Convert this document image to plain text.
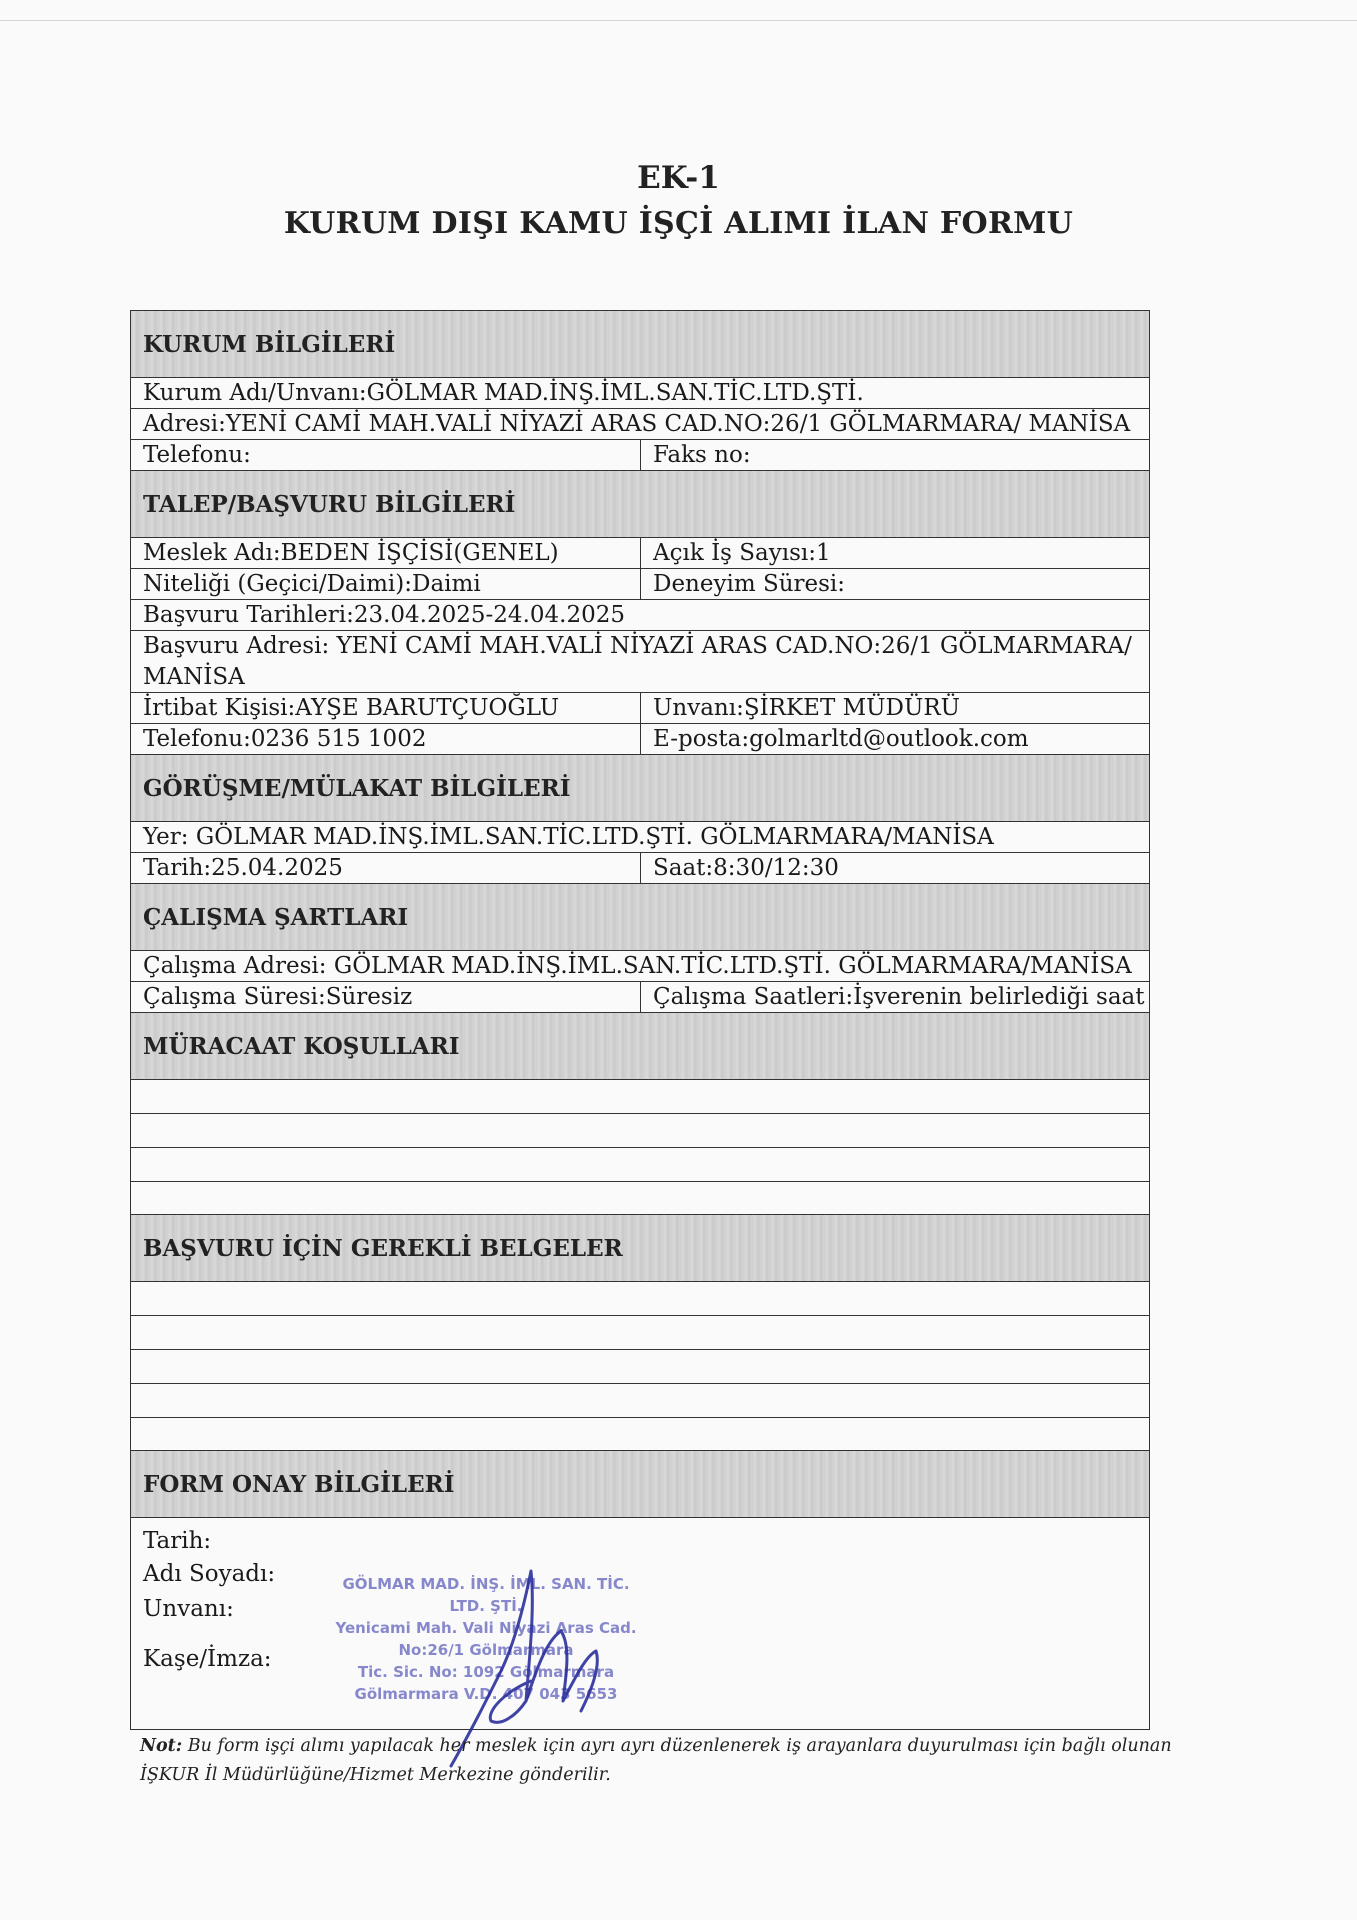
EK-1
KURUM DIŞI KAMU İŞÇİ ALIMI İLAN FORMU
KURUM BİLGİLERİ
Kurum Adı/Unvanı:GÖLMAR MAD.İNŞ.İML.SAN.TİC.LTD.ŞTİ.
Adresi:YENİ CAMİ MAH.VALİ NİYAZİ ARAS CAD.NO:26/1 GÖLMARMARA/ MANİSA
Telefonu:	Faks no:
TALEP/BAŞVURU BİLGİLERİ
Meslek Adı:BEDEN İŞÇİSİ(GENEL)	Açık İş Sayısı:1
Niteliği (Geçici/Daimi):Daimi	Deneyim Süresi:
Başvuru Tarihleri:23.04.2025-24.04.2025
Başvuru Adresi: YENİ CAMİ MAH.VALİ NİYAZİ ARAS CAD.NO:26/1 GÖLMARMARA/
MANİSA
İrtibat Kişisi:AYŞE BARUTÇUOĞLU	Unvanı:ŞİRKET MÜDÜRÜ
Telefonu:0236 515 1002	E-posta:golmarltd@outlook.com
GÖRÜŞME/MÜLAKAT BİLGİLERİ
Yer: GÖLMAR MAD.İNŞ.İML.SAN.TİC.LTD.ŞTİ. GÖLMARMARA/MANİSA
Tarih:25.04.2025	Saat:8:30/12:30
ÇALIŞMA ŞARTLARI
Çalışma Adresi: GÖLMAR MAD.İNŞ.İML.SAN.TİC.LTD.ŞTİ. GÖLMARMARA/MANİSA
Çalışma Süresi:Süresiz	Çalışma Saatleri:İşverenin belirlediği saat
MÜRACAAT KOŞULLARI
BAŞVURU İÇİN GEREKLİ BELGELER
FORM ONAY BİLGİLERİ
Tarih:
Adı Soyadı:
Unvanı:
Kaşe/İmza:
GÖLMAR MAD. İNŞ. İML. SAN. TİC. LTD. ŞTİ.
Yenicami Mah. Vali Niyazi Aras Cad.
No:26/1 Gölmarmara
Tic. Sic. No: 1092 Gölmarmara
Gölmarmara V.D. 407 043 5653
Not: Bu form işçi alımı yapılacak her meslek için ayrı ayrı düzenlenerek iş arayanlara duyurulması için bağlı olunan İŞKUR İl Müdürlüğüne/Hizmet Merkezine gönderilir.
